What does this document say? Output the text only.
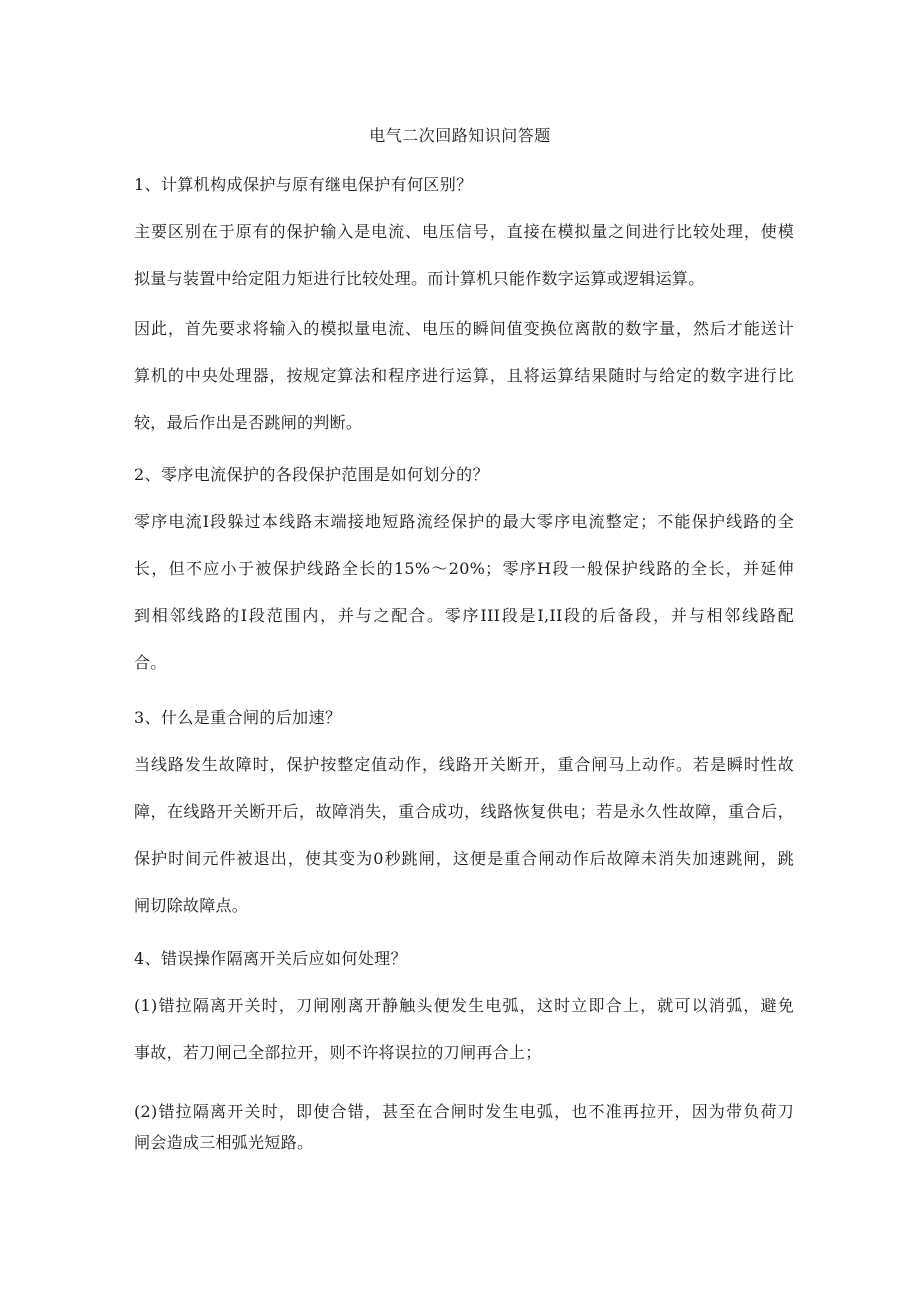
电气二次回路知识问答题
1、计算机构成保护与原有继电保护有何区别？
主要区别在于原有的保护输入是电流、电压信号，直接在模拟量之间进行比较处理，使模
拟量与装置中给定阻力矩进行比较处理。而计算机只能作数字运算或逻辑运算。
因此，首先要求将输入的模拟量电流、电压的瞬间值变换位离散的数字量，然后才能送计
算机的中央处理器，按规定算法和程序进行运算，且将运算结果随时与给定的数字进行比
较，最后作出是否跳闸的判断。
2、零序电流保护的各段保护范围是如何划分的？
零序电流I段躲过本线路末端接地短路流经保护的最大零序电流整定；不能保护线路的全
长，但不应小于被保护线路全长的15%～20%；零序H段一般保护线路的全长，并延伸
到相邻线路的I段范围内，并与之配合。零序III段是I,II段的后备段，并与相邻线路配
合。
3、什么是重合闸的后加速？
当线路发生故障时，保护按整定值动作，线路开关断开，重合闸马上动作。若是瞬时性故
障，在线路开关断开后，故障消失，重合成功，线路恢复供电；若是永久性故障，重合后，
保护时间元件被退出，使其变为0秒跳闸，这便是重合闸动作后故障未消失加速跳闸，跳
闸切除故障点。
4、错误操作隔离开关后应如何处理？
(1)错拉隔离开关时，刀闸刚离开静触头便发生电弧，这时立即合上，就可以消弧，避免
事故，若刀闸己全部拉开，则不许将误拉的刀闸再合上；
(2)错拉隔离开关时，即使合错，甚至在合闸时发生电弧，也不准再拉开，因为带负荷刀
闸会造成三相弧光短路。
